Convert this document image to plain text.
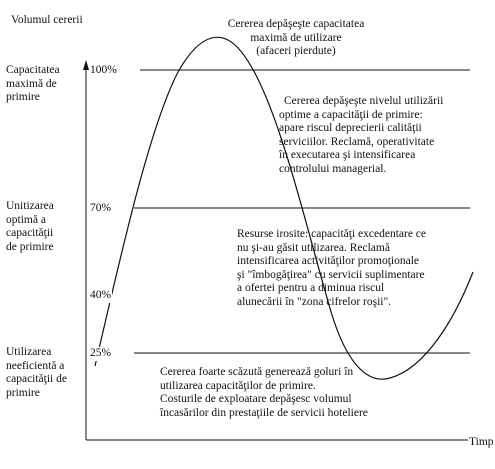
Volumul cererii
Timp
Capacitatea
maximă de
primire
Unitizarea
optimă a
capacităţii
de primire
Utilizarea
neeficientă a
capacităţii de
primire
100%
70%
40%
25%
Cererea depăşeşte capacitatea
maximă de utilizare
(afaceri pierdute)
Cererea depăşeşte nivelul utilizării
optime a capacităţii de primire:
apare riscul deprecierii calităţii
serviciilor. Reclamă, operativitate
în executarea şi intensificarea
controlului managerial.
Resurse irosite: capacităţi excedentare ce
nu şi-au găsit utilizarea. Reclamă
intensificarea activităţilor promoţionale
şi "îmbogăţirea" cu servicii suplimentare
a ofertei pentru a diminua riscul
alunecării în "zona cifrelor roşii".
Cererea foarte scăzută generează goluri în
utilizarea capacităţilor de primire.
Costurile de exploatare depăşesc volumul
încasărilor din prestaţiile de servicii hoteliere
